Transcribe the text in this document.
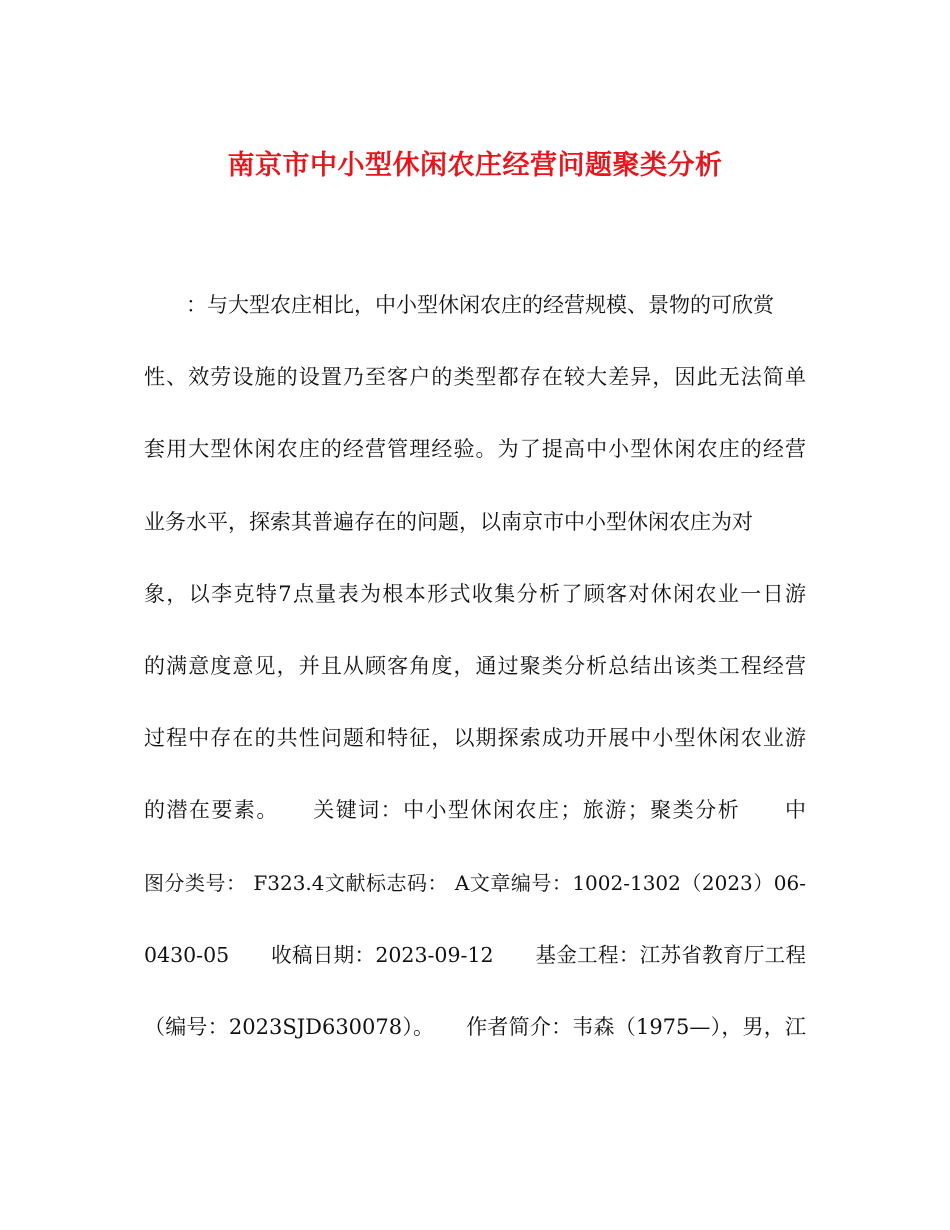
南京市中小型休闲农庄经营问题聚类分析
　　：与大型农庄相比，中小型休闲农庄的经营规模、景物的可欣赏
性、效劳设施的设置乃至客户的类型都存在较大差异，因此无法简单
套用大型休闲农庄的经营管理经验。为了提高中小型休闲农庄的经营
业务水平，探索其普遍存在的问题，以南京市中小型休闲农庄为对
象，以李克特7点量表为根本形式收集分析了顾客对休闲农业一日游
的满意度意见，并且从顾客角度，通过聚类分析总结出该类工程经营
过程中存在的共性问题和特征，以期探索成功开展中小型休闲农业游
的潜在要素。　　关键词：中小型休闲农庄；旅游；聚类分析　　中
图分类号： F323.4文献标志码： A文章编号：1002-1302（2023）06-
0430-05　　收稿日期：2023-09-12　　基金工程：江苏省教育厅工程
（编号：2023SJD630078）。　　作者简介：韦森（1975—），男，江
